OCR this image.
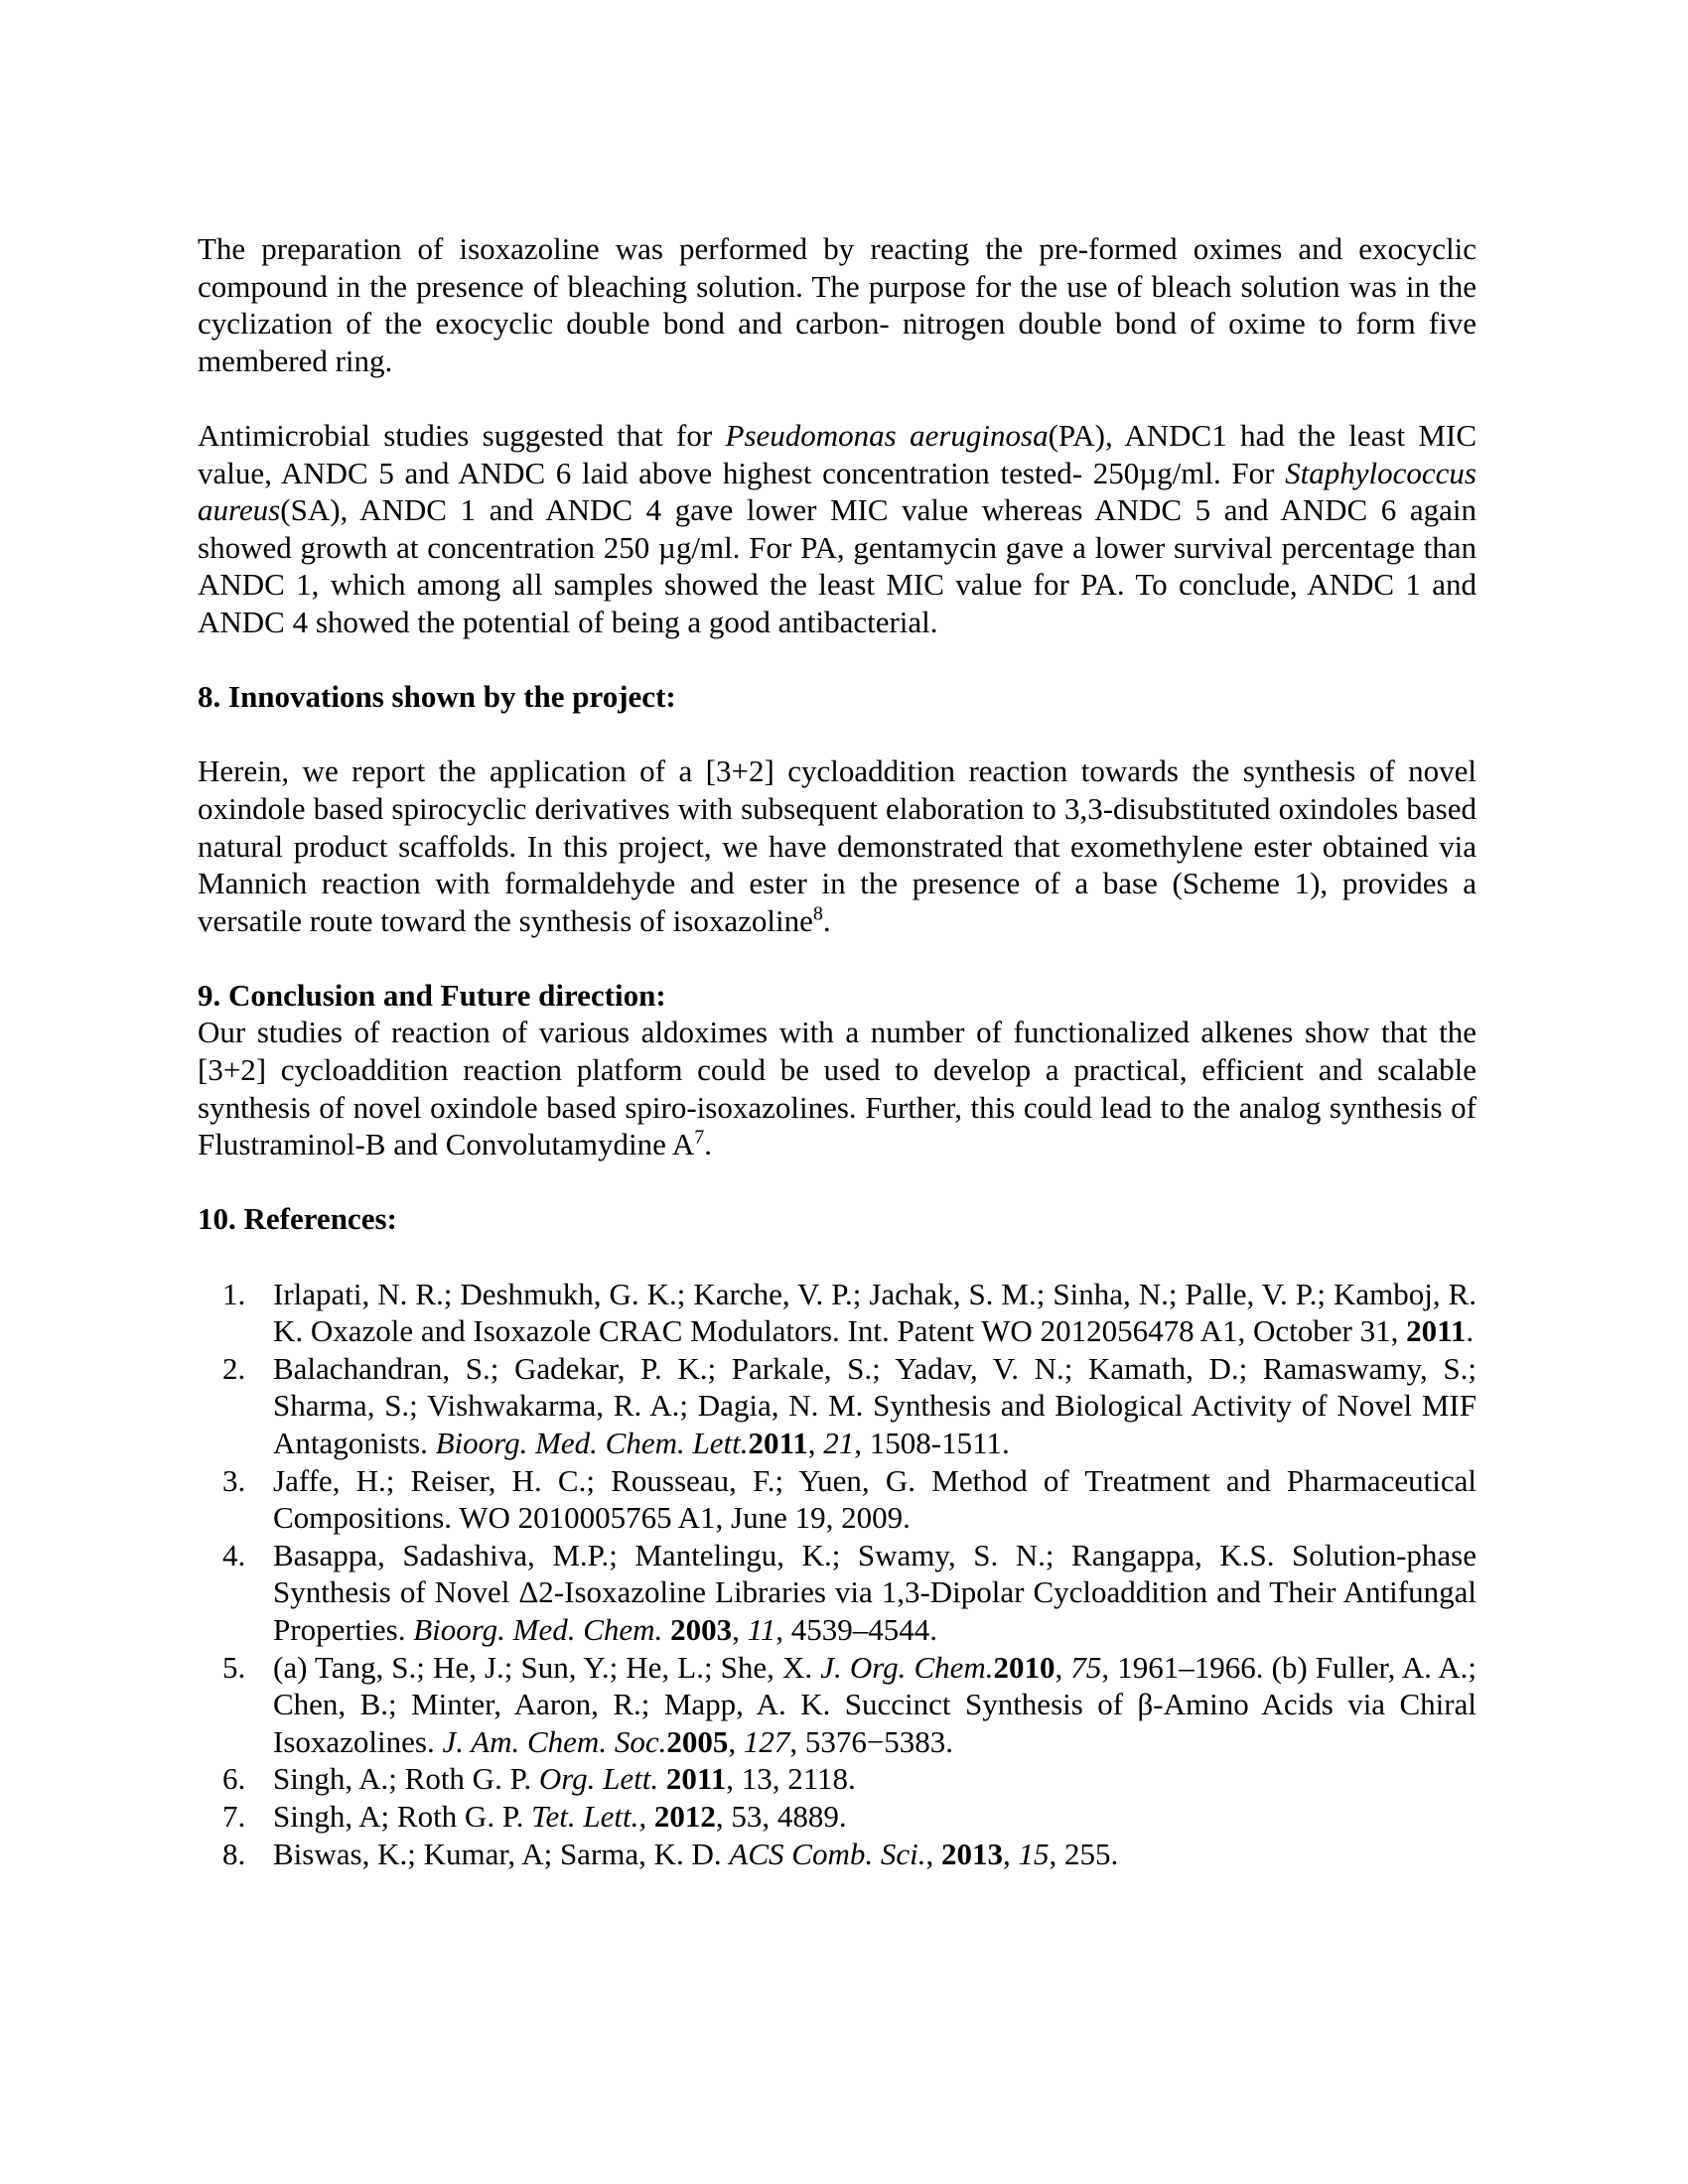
The preparation of isoxazoline was performed by reacting the pre-formed oximes and exocyclic compound in the presence of bleaching solution. The purpose for the use of bleach solution was in the cyclization of the exocyclic double bond and carbon- nitrogen double bond of oxime to form five membered ring.

Antimicrobial studies suggested that for Pseudomonas aeruginosa(PA), ANDC1 had the least MIC value, ANDC 5 and ANDC 6 laid above highest concentration tested- 250µg/ml. For Staphylococcus aureus(SA), ANDC 1 and ANDC 4 gave lower MIC value whereas ANDC 5 and ANDC 6 again showed growth at concentration 250 µg/ml. For PA, gentamycin gave a lower survival percentage than ANDC 1, which among all samples showed the least MIC value for PA. To conclude, ANDC 1 and ANDC 4 showed the potential of being a good antibacterial.

8. Innovations shown by the project:

Herein, we report the application of a [3+2] cycloaddition reaction towards the synthesis of novel oxindole based spirocyclic derivatives with subsequent elaboration to 3,3-disubstituted oxindoles based natural product scaffolds. In this project, we have demonstrated that exomethylene ester obtained via Mannich reaction with formaldehyde and ester in the presence of a base (Scheme 1), provides a versatile route toward the synthesis of isoxazoline$^8$.

9. Conclusion and Future direction:

Our studies of reaction of various aldoximes with a number of functionalized alkenes show that the [3+2] cycloaddition reaction platform could be used to develop a practical, efficient and scalable synthesis of novel oxindole based spiro-isoxazolines. Further, this could lead to the analog synthesis of Flustraminol-B and Convolutamydine $A^7$.

10. References:
1. Irlapati, N. R.; Deshmukh, G. K.; Karche, V. P.; Jachak, S. M.; Sinha, N.; Palle, V. P.; Kamboj, R. K. Oxazole and Isoxazole CRAC Modulators. Int. Patent WO 2012056478 A1, October 31, 2011.
2. Balachandran, S.; Gadekar, P. K.; Parkale, S.; Yadav, V. N.; Kamath, D.; Ramaswamy, S.; Sharma, S.; Vishwakarma, R. A.; Dagia, N. M. Synthesis and Biological Activity of Novel MIF Antagonists. Bioorg. Med. Chem. Lett.2011, 21, 1508-1511.
3. Jaffe, H.; Reiser, H. C.; Rousseau, F.; Yuen, G. Method of Treatment and Pharmaceutical Compositions. WO 2010005765 A1, June 19, 2009.
4. Basappa, Sadashiva, M.P.; Mantelingu, K.; Swamy, S. N.; Rangappa, K.S. Solution-phase Synthesis of Novel Δ2-Isoxazoline Libraries via 1,3-Dipolar Cycloaddition and Their Antifungal Properties. Bioorg. Med. Chem. 2003, 11, 4539–4544.
5. (a) Tang, S.; He, J.; Sun, Y.; He, L.; She, X. J. Org. Chem.2010, 75, 1961–1966. (b) Fuller, A. A.; Chen, B.; Minter, Aaron, R.; Mapp, A. K. Succinct Synthesis of β-Amino Acids via Chiral Isoxazolines. J. Am. Chem. Soc.2005, 127, 5376−5383.
6. Singh, A.; Roth G. P. Org. Lett. 2011, 13, 2118.
7. Singh, A; Roth G. P. Tet. Lett., 2012, 53, 4889.
8. Biswas, K.; Kumar, A; Sarma, K. D. ACS Comb. Sci., 2013, 15, 255.
